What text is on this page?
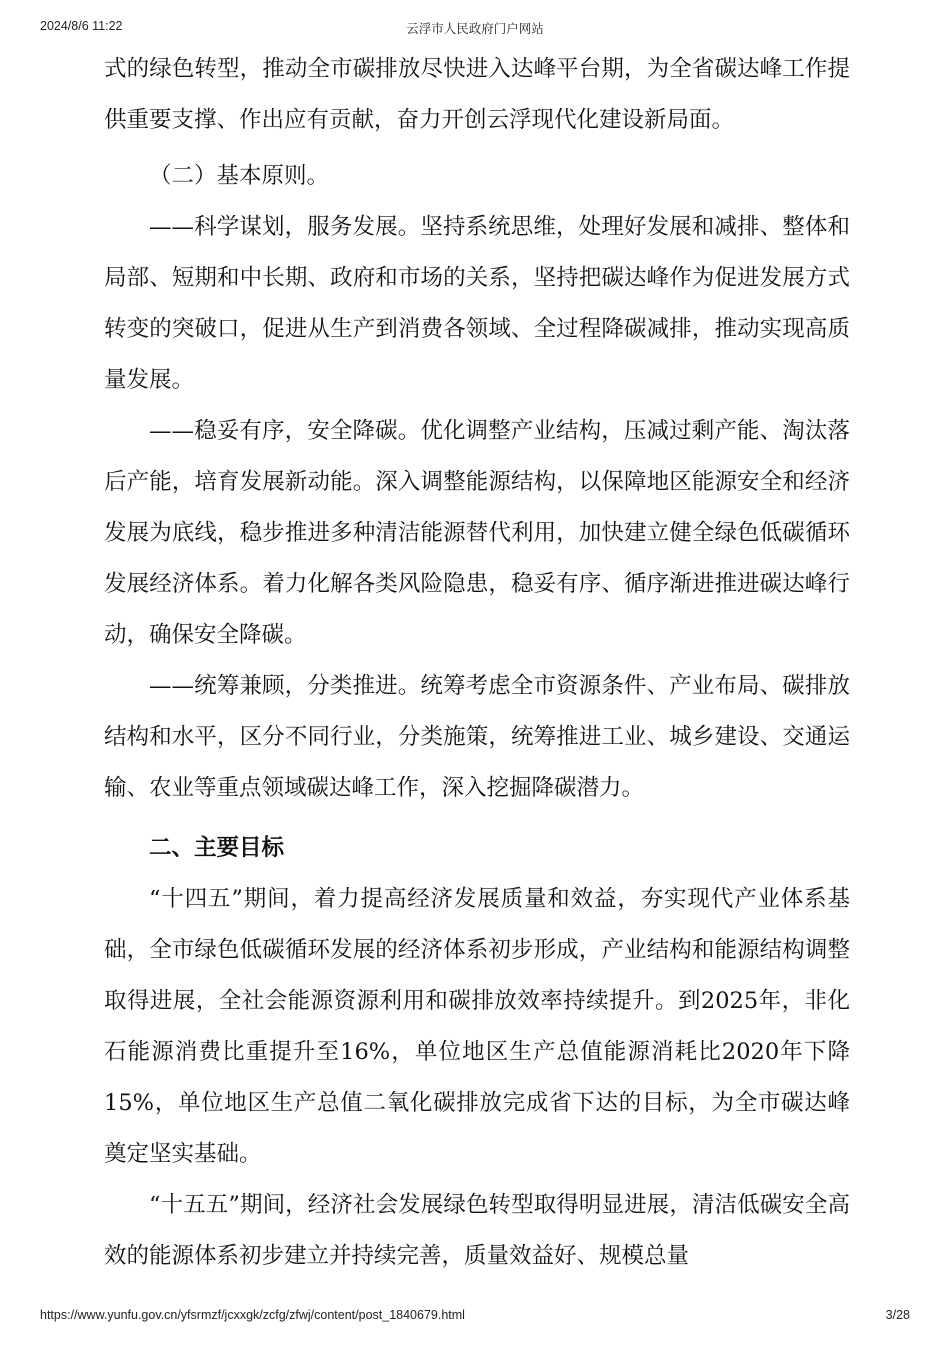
2024/8/6 11:22	云浮市人民政府门户网站

式的绿色转型，推动全市碳排放尽快进入达峰平台期，为全省碳达峰工作提供重要支撑、作出应有贡献，奋力开创云浮现代化建设新局面。

（二）基本原则。

——科学谋划，服务发展。坚持系统思维，处理好发展和减排、整体和局部、短期和中长期、政府和市场的关系，坚持把碳达峰作为促进发展方式转变的突破口，促进从生产到消费各领域、全过程降碳减排，推动实现高质量发展。

——稳妥有序，安全降碳。优化调整产业结构，压减过剩产能、淘汰落后产能，培育发展新动能。深入调整能源结构，以保障地区能源安全和经济发展为底线，稳步推进多种清洁能源替代利用，加快建立健全绿色低碳循环发展经济体系。着力化解各类风险隐患，稳妥有序、循序渐进推进碳达峰行动，确保安全降碳。

——统筹兼顾，分类推进。统筹考虑全市资源条件、产业布局、碳排放结构和水平，区分不同行业，分类施策，统筹推进工业、城乡建设、交通运输、农业等重点领域碳达峰工作，深入挖掘降碳潜力。

二、主要目标

“十四五”期间，着力提高经济发展质量和效益，夯实现代产业体系基础，全市绿色低碳循环发展的经济体系初步形成，产业结构和能源结构调整取得进展，全社会能源资源利用和碳排放效率持续提升。到2025年，非化石能源消费比重提升至16%，单位地区生产总值能源消耗比2020年下降15%，单位地区生产总值二氧化碳排放完成省下达的目标，为全市碳达峰奠定坚实基础。

“十五五”期间，经济社会发展绿色转型取得明显进展，清洁低碳安全高效的能源体系初步建立并持续完善，质量效益好、规模总量

https://www.yunfu.gov.cn/yfsrmzf/jcxxgk/zcfg/zfwj/content/post_1840679.html	3/28
